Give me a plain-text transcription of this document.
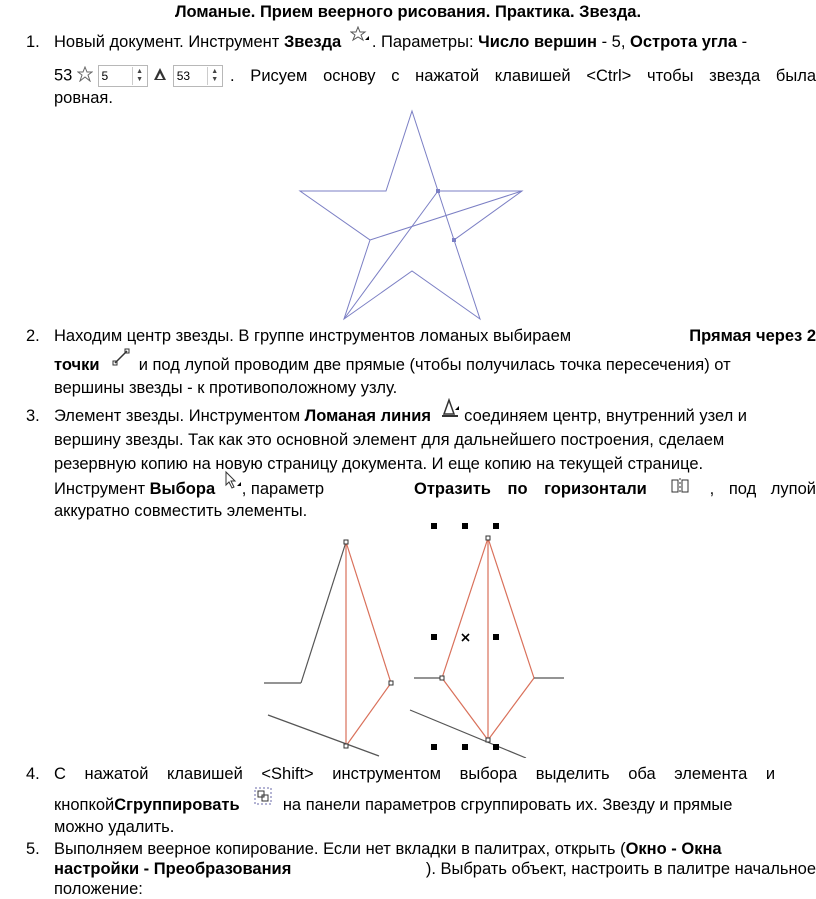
Ломаные. Прием веерного рисования. Практика. Звезда.
1. Новый документ. Инструмент Звезда . Параметры: Число вершин - 5, Острота угла -
53 5	▲
▼
	53	▲
▼ . Рисуем основу с нажатой клавишей <Ctrl> чтобы звезда была
ровная.
2. Находим центр звезды. В группе инструментов ломаных выбираем	Прямая через 2
точки  и под лупой проводим две прямые (чтобы получилась точка пересечения) от
вершины звезды - к противоположному узлу.
3. Элемент звезды. Инструментом Ломаная линия  соединяем центр, внутренний узел и
вершину звезды. Так как это основной элемент для дальнейшего построения, сделаем
резервную копию на новую страницу документа. И еще копию на текущей странице.
Инструмент Выбора , параметр	Отразить по горизонтали	, под лупой
аккуратно совместить элементы.
4. С нажатой клавишей <Shift> инструментом выбора выделить оба элемента и
кнопкойСгруппировать  на панели параметров сгруппировать их. Звезду и прямые
можно удалить.
5. Выполняем веерное копирование. Если нет вкладки в палитрах, открыть (Окно - Окна
настройки - Преобразования	). Выбрать объект, настроить в палитре начальное
положение:
